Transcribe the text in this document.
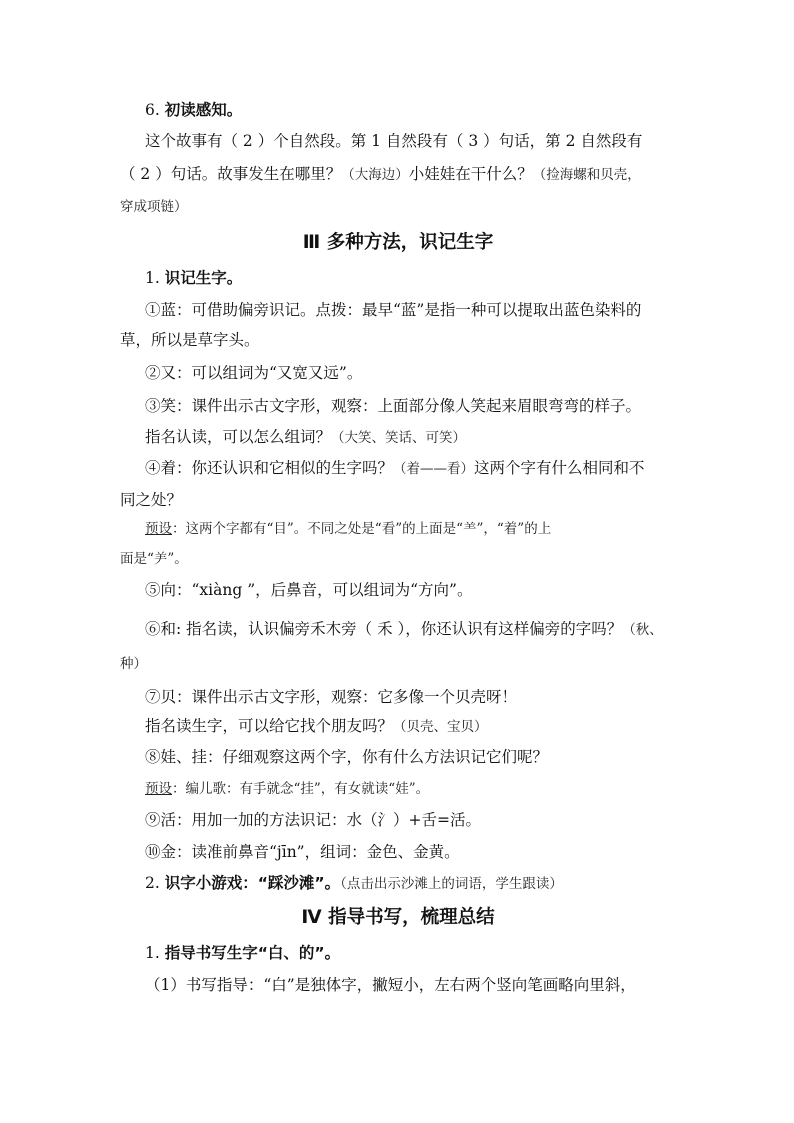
6. 初读感知。
这个故事有（ 2 ）个自然段。第 1 自然段有（ 3 ）句话，第 2 自然段有
（ 2 ）句话。故事发生在哪里？（大海边）小娃娃在干什么？（捡海螺和贝壳，
穿成项链）
Ⅲ 多种方法，识记生字
1. 识记生字。
①蓝：可借助偏旁识记。点拨：最早“蓝”是指一种可以提取出蓝色染料的
草，所以是草字头。
②又：可以组词为“又宽又远”。
③笑：课件出示古文字形，观察：上面部分像人笑起来眉眼弯弯的样子。
指名认读，可以怎么组词？（大笑、笑话、可笑）
④着：你还认识和它相似的生字吗？（着——看）这两个字有什么相同和不
同之处？
预设：这两个字都有“目”。不同之处是“看”的上面是“⺷”，“着”的上
面是“⺶”。
⑤向：“xiàng ”，后鼻音，可以组词为“方向”。
⑥和: 指名读，认识偏旁禾木旁（ 禾 ），你还认识有这样偏旁的字吗？（秋、
种）
⑦贝：课件出示古文字形，观察：它多像一个贝壳呀！
指名读生字，可以给它找个朋友吗？（贝壳、宝贝）
⑧娃、挂：仔细观察这两个字，你有什么方法识记它们呢？
预设：编儿歌：有手就念“挂”，有女就读“娃”。
⑨活：用加一加的方法识记：水（氵）+舌=活。
⑩金：读准前鼻音“jīn”，组词：金色、金黄。
2. 识字小游戏：“踩沙滩”。（点击出示沙滩上的词语，学生跟读）
Ⅳ 指导书写，梳理总结
1. 指导书写生字“白、的”。
（1）书写指导：“白”是独体字，撇短小，左右两个竖向笔画略向里斜，
